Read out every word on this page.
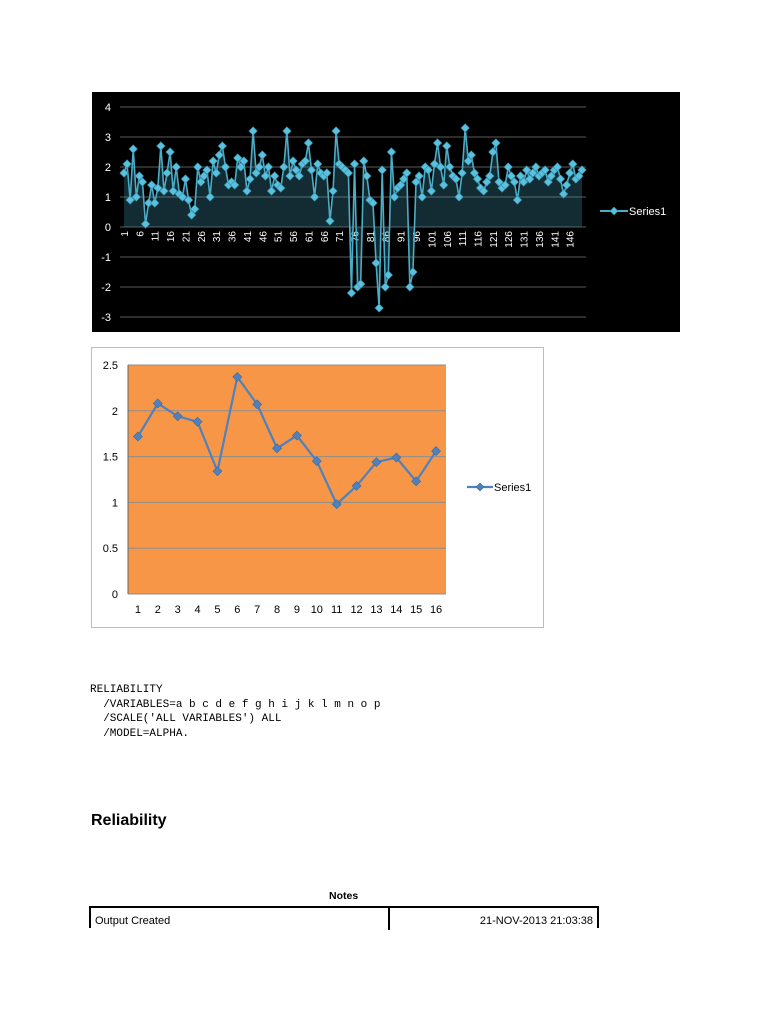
4
3
2
1
0
-1
-2
-3
1 6 11 16 21 26 31 36 41 46 51 56 61 66 71 76 81 86 91 96 101 106 111 116 121 126 131 136 141 146
Series1
2.5
2
1.5
1
0.5
0
1 2 3 4 5 6 7 8 9 10 11 12 13 14 15 16
Series1
RELIABILITY
/VARIABLES=a b c d e f g h i j k l m n o p
/SCALE('ALL VARIABLES') ALL
/MODEL=ALPHA.
Reliability
Notes
Output Created	21-NOV-2013 21:03:38
